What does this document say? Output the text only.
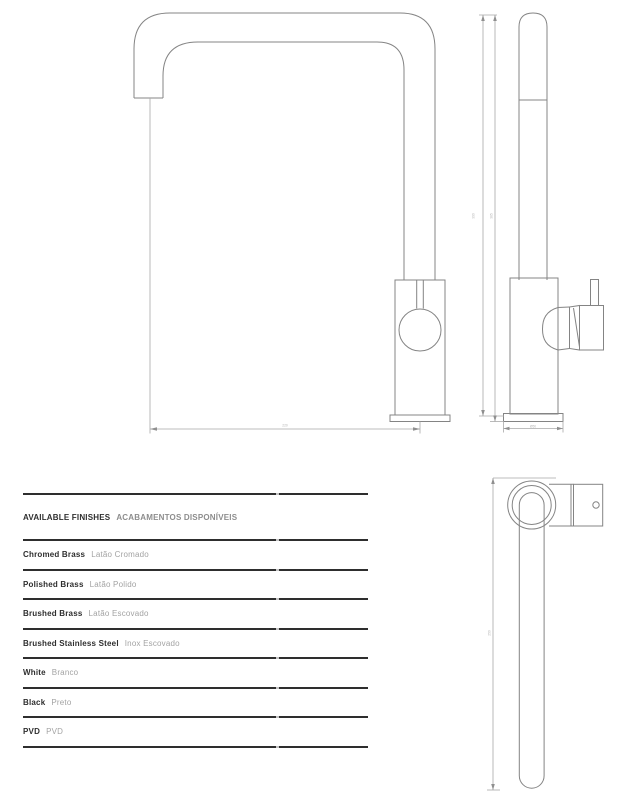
220
390 385
Ø50
250
AVAILABLE FINISHES ACABAMENTOS DISPONÍVEIS
Chromed Brass Latão Cromado
Polished Brass Latão Polido
Brushed Brass Latão Escovado
Brushed Stainless Steel Inox Escovado
White Branco
Black Preto
PVD PVD
